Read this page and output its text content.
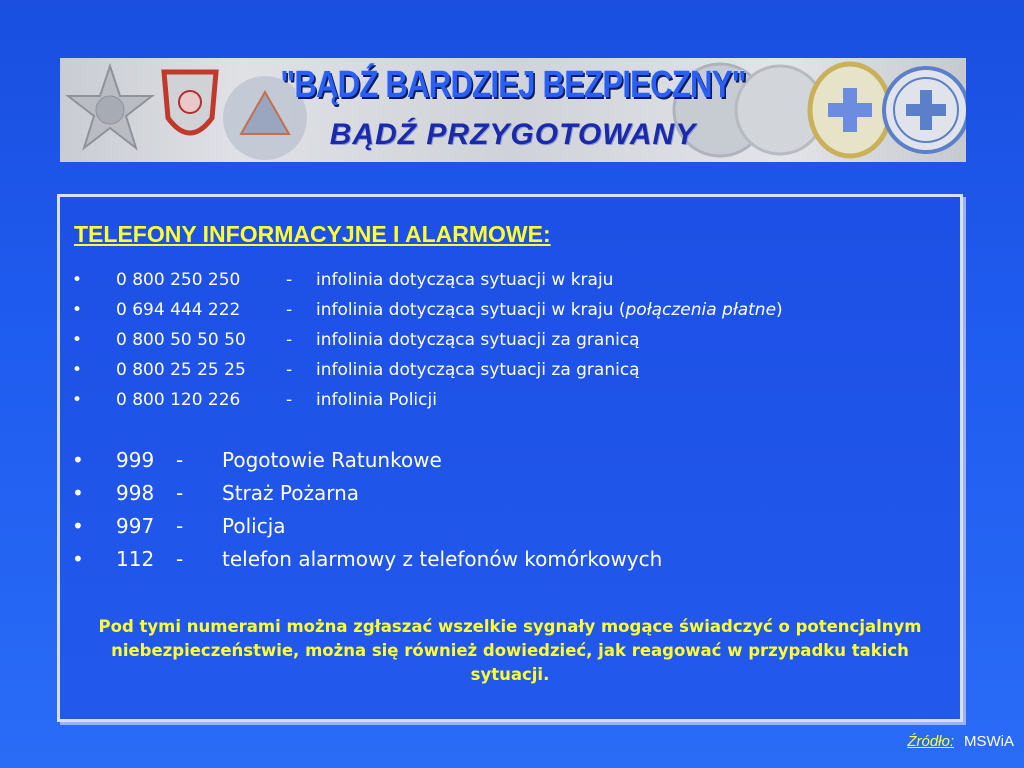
"BĄDŹ BARDZIEJ BEZPIECZNY"
BĄDŹ PRZYGOTOWANY
TELEFONY INFORMACYJNE I ALARMOWE:
•	0 800 250 250	-	infolinia dotycząca sytuacji w kraju
•	0 694 444 222	-	infolinia dotycząca sytuacji w kraju (połączenia płatne)
•	0 800 50 50 50	-	infolinia dotycząca sytuacji za granicą
•	0 800 25 25 25	-	infolinia dotycząca sytuacji za granicą
•	0 800 120 226	-	infolinia Policji
•	999	-	Pogotowie Ratunkowe
•	998	-	Straż Pożarna
•	997	-	Policja
•	112	-	telefon alarmowy z telefonów komórkowych
Pod tymi numerami można zgłaszać wszelkie sygnały mogące świadczyć o potencjalnym niebezpieczeństwie, można się również dowiedzieć, jak reagować w przypadku takich sytuacji.
Źródło: MSWiA
